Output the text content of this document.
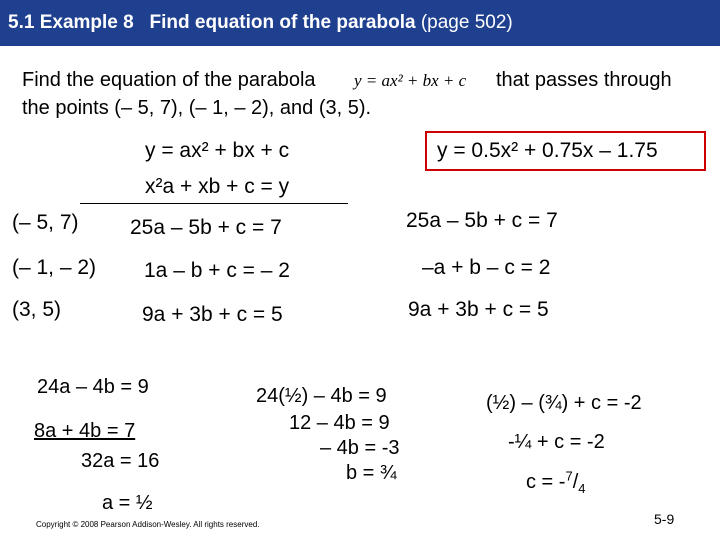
5.1 Example 8 Find equation of the parabola (page 502)
Find the equation of the parabola y = ax² + bx + c that passes through
the points (– 5, 7), (– 1, – 2), and (3, 5).
y = ax² + bx + c
x²a + xb + c = y
y = 0.5x² + 0.75x – 1.75
(– 5, 7) 25a – 5b + c = 7	25a – 5b + c = 7
(– 1, – 2) 1a – b + c = – 2	–a + b – c = 2
(3, 5)	9a + 3b + c = 5	9a + 3b + c = 5
24a – 4b = 9
8a + 4b = 7
32a = 16
a = ½
24(½) – 4b = 9
12 – 4b = 9
– 4b = -3
b = ¾
(½) – (¾) + c = -2
-¼ + c = -2
$c = -^7/_4$
Copyright © 2008 Pearson Addison-Wesley. All rights reserved.	5-9
